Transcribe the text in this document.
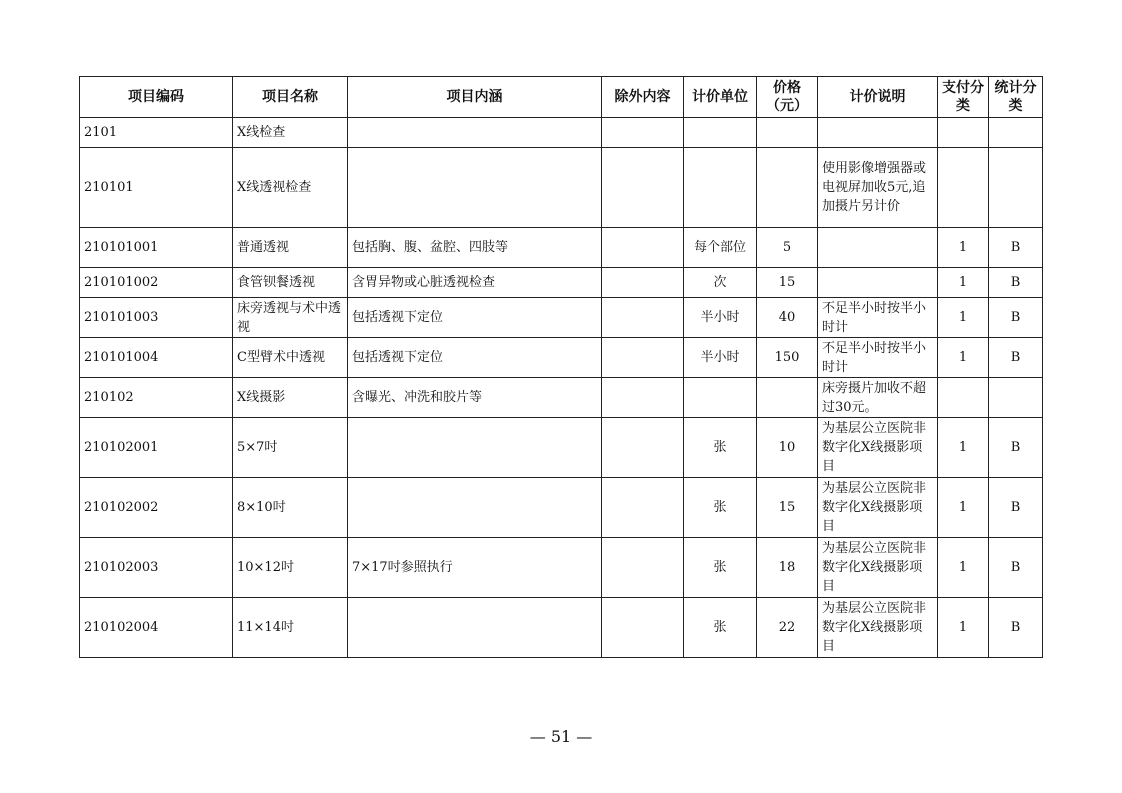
项目编码	项目名称	项目内涵	除外内容	计价单位	价格（元）	计价说明	支付分类	统计分类
2101	X线检查							
210101	X线透视检查					使用影像增强器或电视屏加收5元,追加摄片另计价		
210101001	普通透视	包括胸、腹、盆腔、四肢等		每个部位	5		1	B
210101002	食管钡餐透视	含胃异物或心脏透视检查		次	15		1	B
210101003	床旁透视与术中透视	包括透视下定位		半小时	40	不足半小时按半小时计	1	B
210101004	C型臂术中透视	包括透视下定位		半小时	150	不足半小时按半小时计	1	B
210102	X线摄影	含曝光、冲洗和胶片等				床旁摄片加收不超过30元。		
210102001	5×7吋			张	10	为基层公立医院非数字化X线摄影项目	1	B
210102002	8×10吋			张	15	为基层公立医院非数字化X线摄影项目	1	B
210102003	10×12吋	7×17吋参照执行		张	18	为基层公立医院非数字化X线摄影项目	1	B
210102004	11×14吋			张	22	为基层公立医院非数字化X线摄影项目	1	B
— 51 —
